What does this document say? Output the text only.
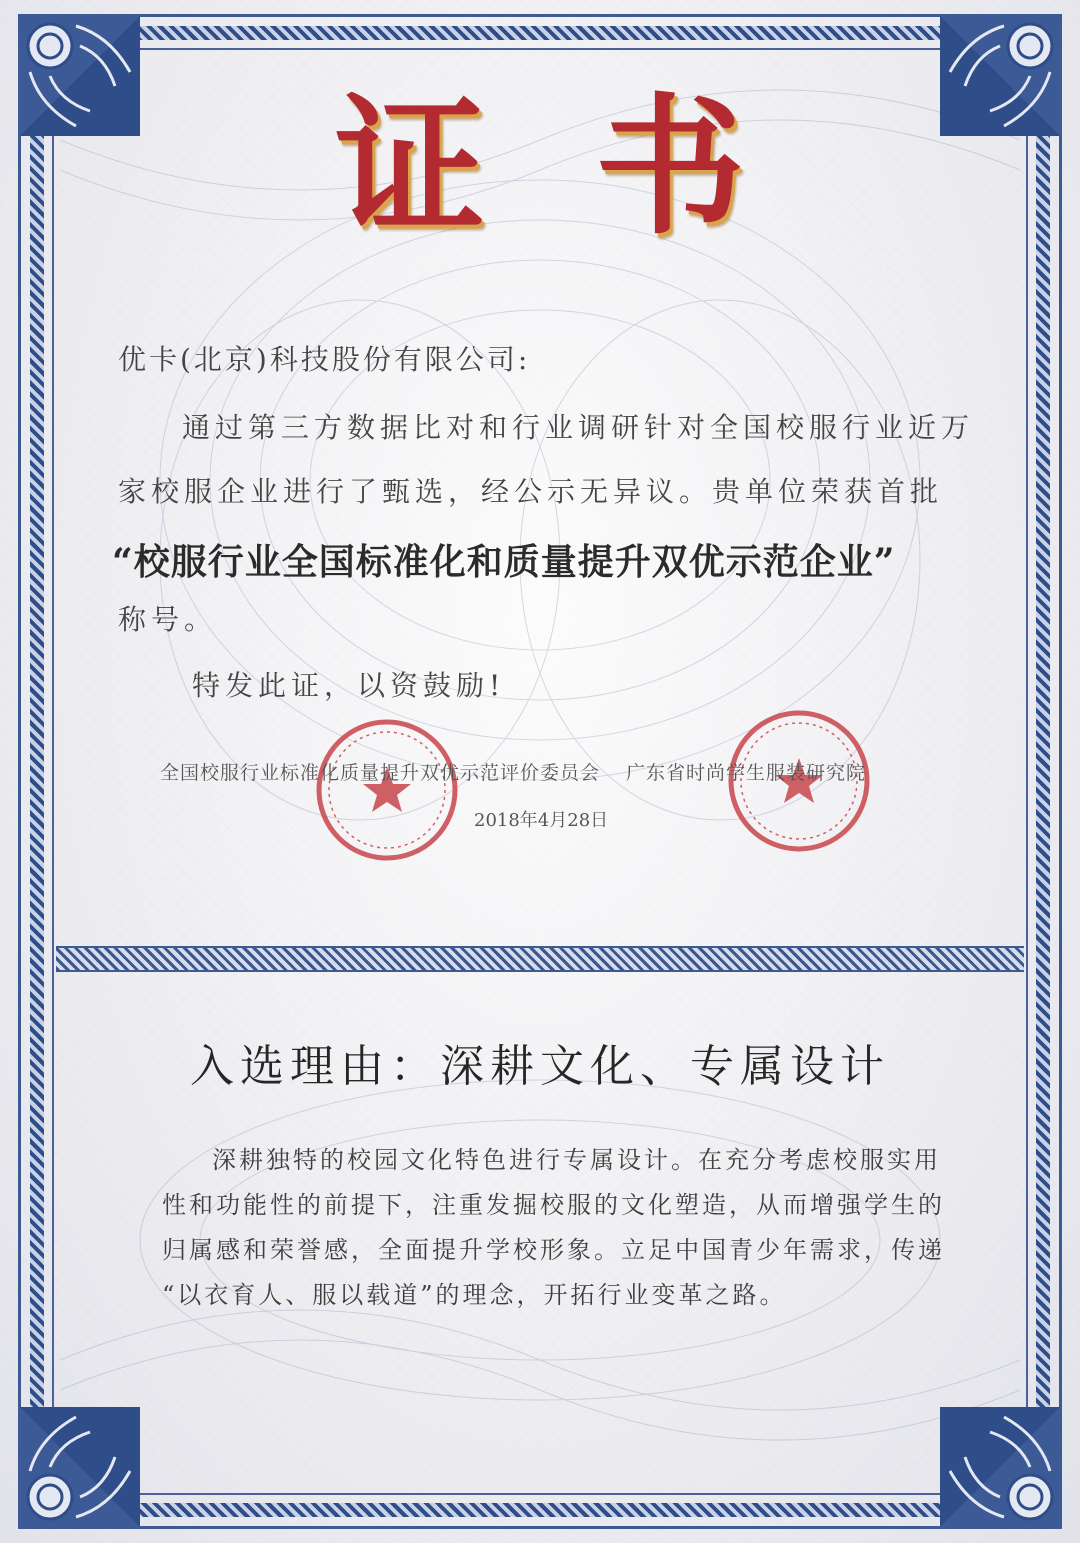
证书
优卡(北京)科技股份有限公司:
通过第三方数据比对和行业调研针对全国校服行业近万
家校服企业进行了甄选，经公示无异议。贵单位荣获首批
“校服行业全国标准化和质量提升双优示范企业”
称号。
特发此证，以资鼓励!
全国校服行业标准化质量提升双优示范评价委员会 广东省时尚学生服装研究院
2018年4月28日
入选理由：深耕文化、专属设计
深耕独特的校园文化特色进行专属设计。在充分考虑校服实用
性和功能性的前提下，注重发掘校服的文化塑造，从而增强学生的
归属感和荣誉感，全面提升学校形象。立足中国青少年需求，传递
“以衣育人、服以载道”的理念，开拓行业变革之路。
